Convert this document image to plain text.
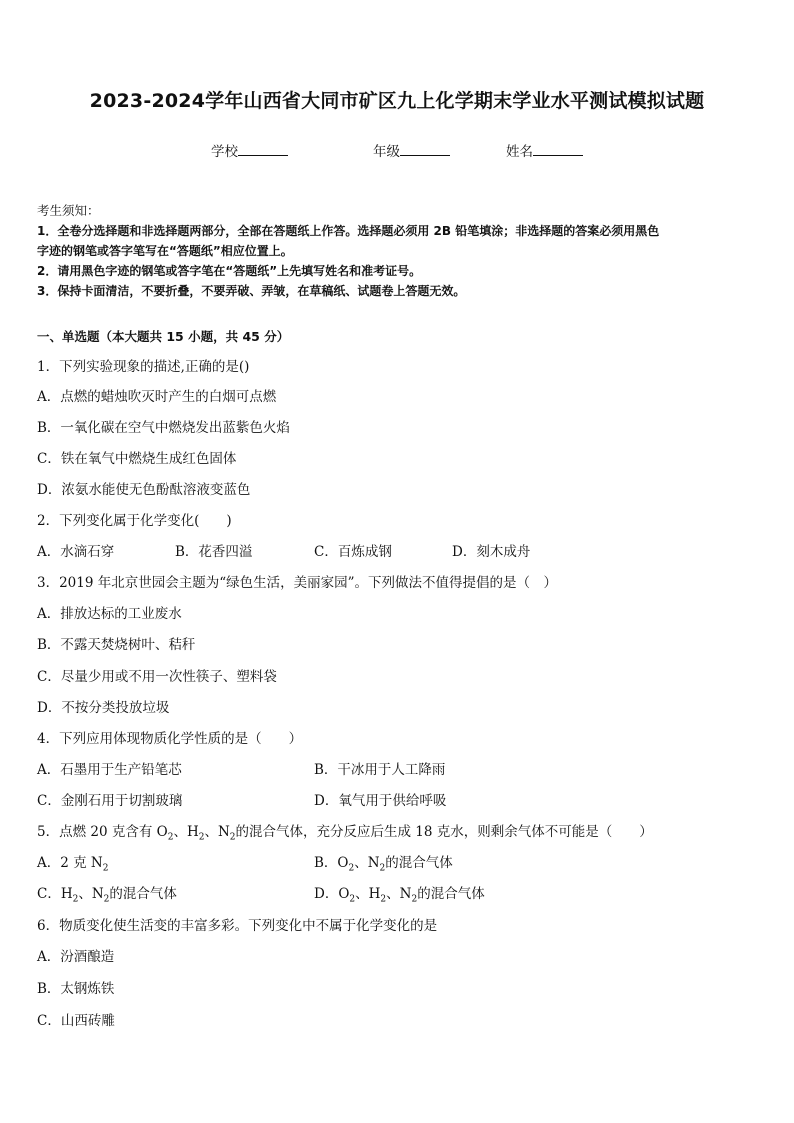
2023-2024学年山西省大同市矿区九上化学期末学业水平测试模拟试题
学校	年级	姓名
考生须知：
1．全卷分选择题和非选择题两部分，全部在答题纸上作答。选择题必须用 2B 铅笔填涂；非选择题的答案必须用黑色
字迹的钢笔或答字笔写在“答题纸”相应位置上。
2．请用黑色字迹的钢笔或答字笔在“答题纸”上先填写姓名和准考证号。
3．保持卡面清洁，不要折叠，不要弄破、弄皱，在草稿纸、试题卷上答题无效。
一、单选题（本大题共 15 小题，共 45 分）
1．下列实验现象的描述,正确的是()
A．点燃的蜡烛吹灭时产生的白烟可点燃
B．一氧化碳在空气中燃烧发出蓝紫色火焰
C．铁在氧气中燃烧生成红色固体
D．浓氨水能使无色酚酞溶液变蓝色
2．下列变化属于化学变化(　　)
A．水滴石穿	B．花香四溢	C．百炼成钢	D．刻木成舟
3．2019 年北京世园会主题为“绿色生活，美丽家园”。下列做法不值得提倡的是（　）
A．排放达标的工业废水
B．不露天焚烧树叶、秸秆
C．尽量少用或不用一次性筷子、塑料袋
D．不按分类投放垃圾
4．下列应用体现物质化学性质的是（　　）
A．石墨用于生产铅笔芯	B．干冰用于人工降雨
C．金刚石用于切割玻璃	D．氧气用于供给呼吸
5．点燃 20 克含有 $O_2$、$H_2$、$N_2$的混合气体，充分反应后生成 18 克水，则剩余气体不可能是（　　）
A．2 克 $N_2$	B．$O_2$、$N_2$的混合气体
C．$H_2$、$N_2$的混合气体	D．$O_2$、$H_2$、$N_2$的混合气体
6．物质变化使生活变的丰富多彩。下列变化中不属于化学变化的是
A．汾酒酿造
B．太钢炼铁
C．山西砖雕
